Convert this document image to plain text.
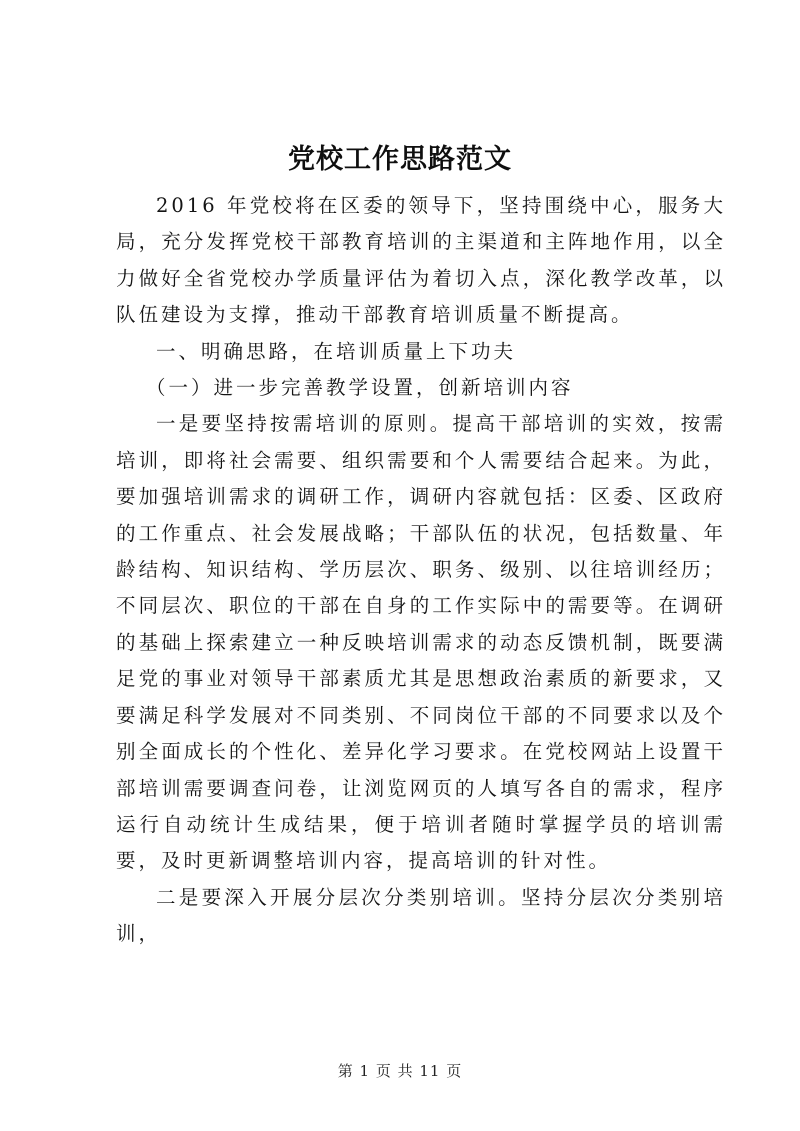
党校工作思路范文

2016 年党校将在区委的领导下，坚持围绕中心，服务大局，充分发挥党校干部教育培训的主渠道和主阵地作用，以全力做好全省党校办学质量评估为着切入点，深化教学改革，以队伍建设为支撑，推动干部教育培训质量不断提高。

一、明确思路，在培训质量上下功夫

（一）进一步完善教学设置，创新培训内容

一是要坚持按需培训的原则。提高干部培训的实效，按需培训，即将社会需要、组织需要和个人需要结合起来。为此，要加强培训需求的调研工作，调研内容就包括：区委、区政府的工作重点、社会发展战略；干部队伍的状况，包括数量、年龄结构、知识结构、学历层次、职务、级别、以往培训经历；不同层次、职位的干部在自身的工作实际中的需要等。在调研的基础上探索建立一种反映培训需求的动态反馈机制，既要满足党的事业对领导干部素质尤其是思想政治素质的新要求，又要满足科学发展对不同类别、不同岗位干部的不同要求以及个别全面成长的个性化、差异化学习要求。在党校网站上设置干部培训需要调查问卷，让浏览网页的人填写各自的需求，程序运行自动统计生成结果，便于培训者随时掌握学员的培训需要，及时更新调整培训内容，提高培训的针对性。

二是要深入开展分层次分类别培训。坚持分层次分类别培训，

第 1 页 共 11 页
